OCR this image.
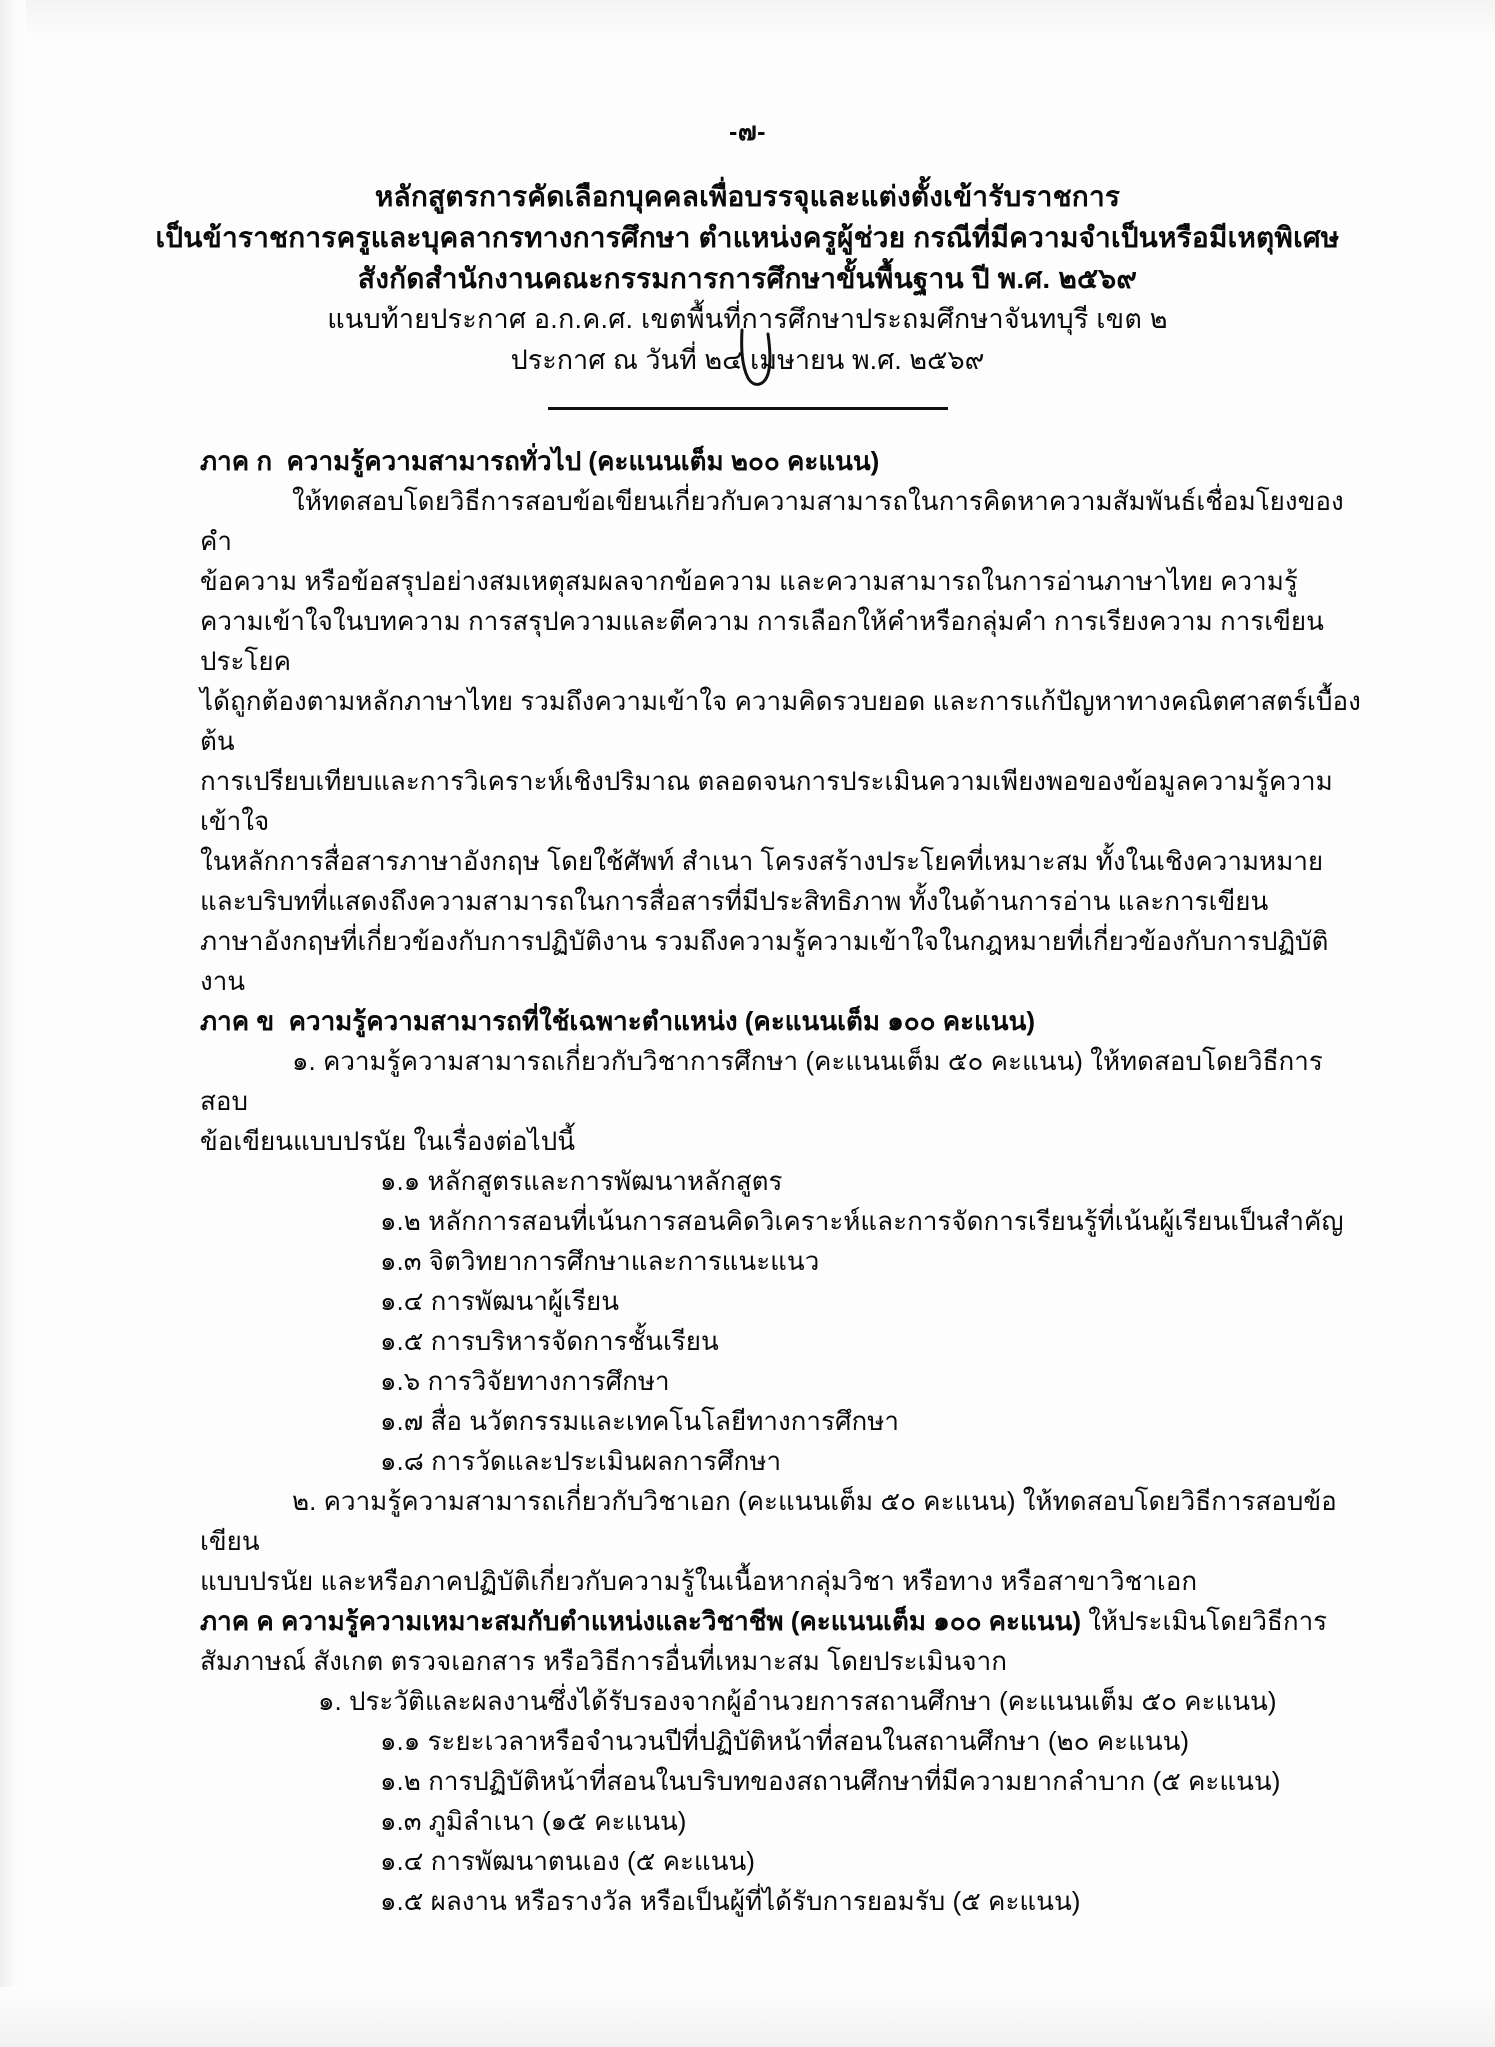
-๗-
หลักสูตรการคัดเลือกบุคคลเพื่อบรรจุและแต่งตั้งเข้ารับราชการ
เป็นข้าราชการครูและบุคลากรทางการศึกษา ตำแหน่งครูผู้ช่วย กรณีที่มีความจำเป็นหรือมีเหตุพิเศษ
สังกัดสำนักงานคณะกรรมการการศึกษาขั้นพื้นฐาน ปี พ.ศ. ๒๕๖๙
แนบท้ายประกาศ อ.ก.ค.ศ. เขตพื้นที่การศึกษาประถมศึกษาจันทบุรี เขต ๒
ประกาศ ณ วันที่ ๒๔ เมษายน พ.ศ. ๒๕๖๙
ภาค ก  ความรู้ความสามารถทั่วไป (คะแนนเต็ม ๒๐๐ คะแนน)
ให้ทดสอบโดยวิธีการสอบข้อเขียนเกี่ยวกับความสามารถในการคิดหาความสัมพันธ์เชื่อมโยงของคำ
ข้อความ หรือข้อสรุปอย่างสมเหตุสมผลจากข้อความ และความสามารถในการอ่านภาษาไทย ความรู้
ความเข้าใจในบทความ การสรุปความและตีความ การเลือกให้คำหรือกลุ่มคำ การเรียงความ การเขียนประโยค
ได้ถูกต้องตามหลักภาษาไทย รวมถึงความเข้าใจ ความคิดรวบยอด และการแก้ปัญหาทางคณิตศาสตร์เบื้องต้น
การเปรียบเทียบและการวิเคราะห์เชิงปริมาณ ตลอดจนการประเมินความเพียงพอของข้อมูลความรู้ความเข้าใจ
ในหลักการสื่อสารภาษาอังกฤษ โดยใช้ศัพท์ สำเนา โครงสร้างประโยคที่เหมาะสม ทั้งในเชิงความหมาย
และบริบทที่แสดงถึงความสามารถในการสื่อสารที่มีประสิทธิภาพ ทั้งในด้านการอ่าน และการเขียน
ภาษาอังกฤษที่เกี่ยวข้องกับการปฏิบัติงาน รวมถึงความรู้ความเข้าใจในกฎหมายที่เกี่ยวข้องกับการปฏิบัติงาน
ภาค ข  ความรู้ความสามารถที่ใช้เฉพาะตำแหน่ง (คะแนนเต็ม ๑๐๐ คะแนน)
๑. ความรู้ความสามารถเกี่ยวกับวิชาการศึกษา (คะแนนเต็ม ๕๐ คะแนน) ให้ทดสอบโดยวิธีการสอบ
ข้อเขียนแบบปรนัย ในเรื่องต่อไปนี้
๑.๑ หลักสูตรและการพัฒนาหลักสูตร
๑.๒ หลักการสอนที่เน้นการสอนคิดวิเคราะห์และการจัดการเรียนรู้ที่เน้นผู้เรียนเป็นสำคัญ
๑.๓ จิตวิทยาการศึกษาและการแนะแนว
๑.๔ การพัฒนาผู้เรียน
๑.๕ การบริหารจัดการชั้นเรียน
๑.๖ การวิจัยทางการศึกษา
๑.๗ สื่อ นวัตกรรมและเทคโนโลยีทางการศึกษา
๑.๘ การวัดและประเมินผลการศึกษา
๒. ความรู้ความสามารถเกี่ยวกับวิชาเอก (คะแนนเต็ม ๕๐ คะแนน) ให้ทดสอบโดยวิธีการสอบข้อเขียน
แบบปรนัย และหรือภาคปฏิบัติเกี่ยวกับความรู้ในเนื้อหากลุ่มวิชา หรือทาง หรือสาขาวิชาเอก
ภาค ค ความรู้ความเหมาะสมกับตำแหน่งและวิชาชีพ (คะแนนเต็ม ๑๐๐ คะแนน) ให้ประเมินโดยวิธีการ
สัมภาษณ์ สังเกต ตรวจเอกสาร หรือวิธีการอื่นที่เหมาะสม โดยประเมินจาก
๑. ประวัติและผลงานซึ่งได้รับรองจากผู้อำนวยการสถานศึกษา (คะแนนเต็ม ๕๐ คะแนน)
๑.๑ ระยะเวลาหรือจำนวนปีที่ปฏิบัติหน้าที่สอนในสถานศึกษา (๒๐ คะแนน)
๑.๒ การปฏิบัติหน้าที่สอนในบริบทของสถานศึกษาที่มีความยากลำบาก (๕ คะแนน)
๑.๓ ภูมิลำเนา (๑๕ คะแนน)
๑.๔ การพัฒนาตนเอง (๕ คะแนน)
๑.๕ ผลงาน หรือรางวัล หรือเป็นผู้ที่ได้รับการยอมรับ (๕ คะแนน)
